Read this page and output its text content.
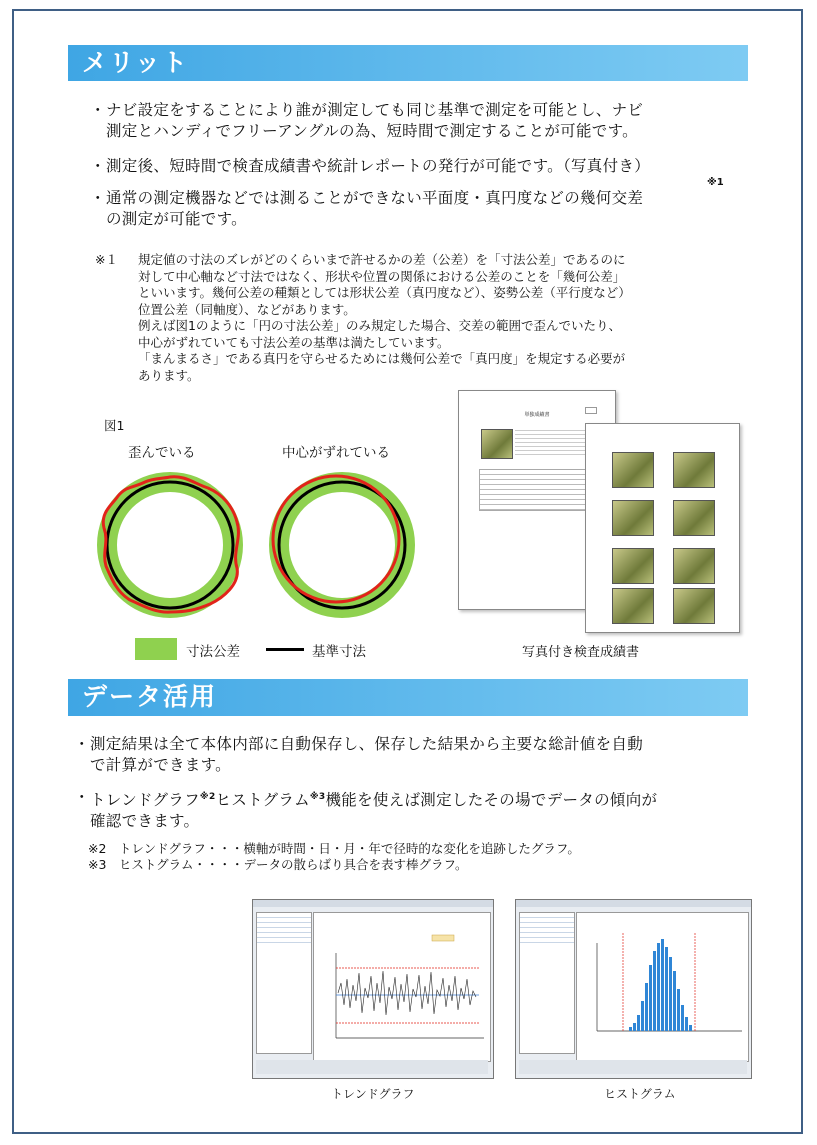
メリット
・ ナビ設定をすることにより誰が測定しても同じ基準で測定を可能とし、ナビ
測定とハンディでフリーアングルの為、短時間で測定することが可能です。
・ 測定後、短時間で検査成績書や統計レポートの発行が可能です。（写真付き）
・ 通常の測定機器などでは測ることができない平面度・真円度などの幾何交差
の測定が可能です。
※1
※１ 規定値の寸法のズレがどのくらいまで許せるかの差（公差）を「寸法公差」であるのに
対して中心軸など寸法ではなく、形状や位置の関係における公差のことを「幾何公差」
といいます。幾何公差の種類としては形状公差（真円度など）、姿勢公差（平行度など）
位置公差（同軸度）、などがあります。
例えば図1のように「円の寸法公差」のみ規定した場合、交差の範囲で歪んでいたり、
中心がずれていても寸法公差の基準は満たしています。
「まんまるさ」である真円を守らせるためには幾何公差で「真円度」を規定する必要が
あります。
図1
歪んでいる	中心がずれている
寸法公差	基準寸法
単独成績書
写真付き検査成績書
データ活用
・ 測定結果は全て本体内部に自動保存し、保存した結果から主要な総計値を自動
で計算ができます。
・ トレンドグラフ$^{※2}$ヒストグラム$^{※3}$機能を使えば測定したその場でデータの傾向が
確認できます。
※2　トレンドグラフ・・・横軸が時間・日・月・年で径時的な変化を追跡したグラフ。
※3　ヒストグラム・・・・データの散らばり具合を表す棒グラフ。
トレンドグラフ	ヒストグラム
